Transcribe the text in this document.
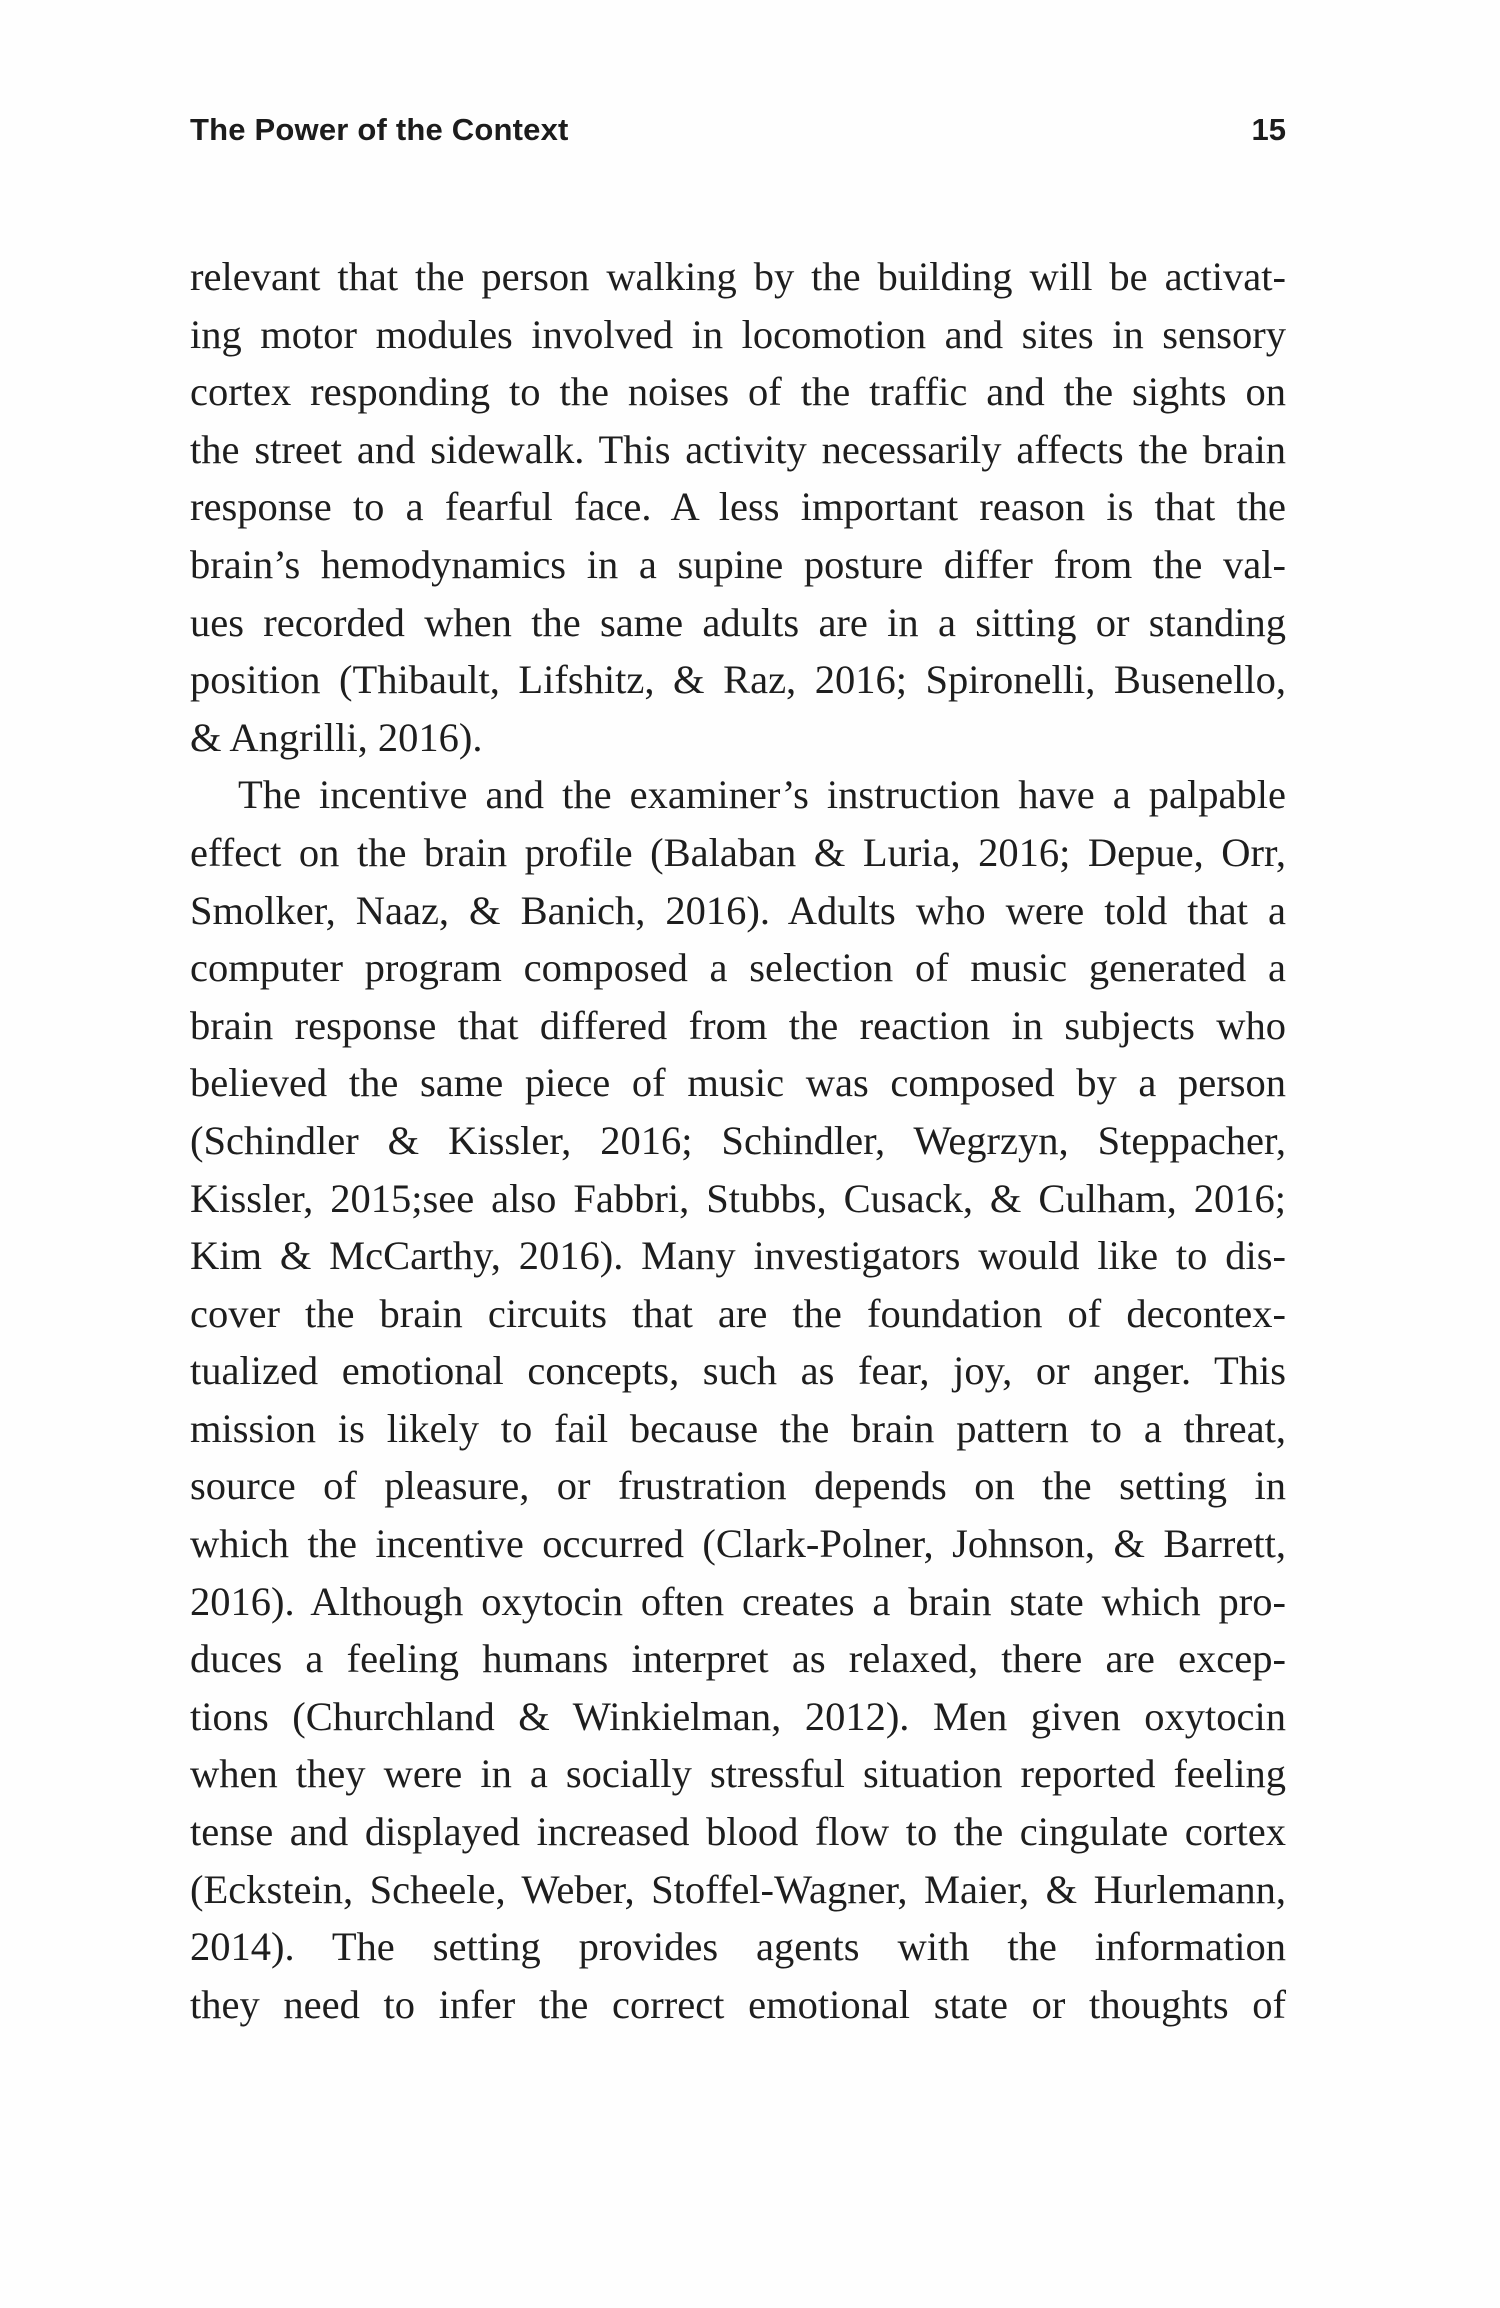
The Power of the Context	15
relevant that the person walking by the building will be activat-
ing motor modules involved in locomotion and sites in sensory
cortex responding to the noises of the traffic and the sights on
the street and sidewalk. This activity necessarily affects the brain
response to a fearful face. A less important reason is that the
brain’s hemodynamics in a supine posture differ from the val-
ues recorded when the same adults are in a sitting or standing
position (Thibault, Lifshitz, & Raz, 2016; Spironelli, Busenello,
& Angrilli, 2016).
The incentive and the examiner’s instruction have a palpable
effect on the brain profile (Balaban & Luria, 2016; Depue, Orr,
Smolker, Naaz, & Banich, 2016). Adults who were told that a
computer program composed a selection of music generated a
brain response that differed from the reaction in subjects who
believed the same piece of music was composed by a person
(Schindler & Kissler, 2016; Schindler, Wegrzyn, Steppacher,
Kissler, 2015;see also Fabbri, Stubbs, Cusack, & Culham, 2016;
Kim & McCarthy, 2016). Many investigators would like to dis-
cover the brain circuits that are the foundation of decontex-
tualized emotional concepts, such as fear, joy, or anger. This
mission is likely to fail because the brain pattern to a threat,
source of pleasure, or frustration depends on the setting in
which the incentive occurred (Clark-Polner, Johnson, & Barrett,
2016). Although oxytocin often creates a brain state which pro-
duces a feeling humans interpret as relaxed, there are excep-
tions (Churchland & Winkielman, 2012). Men given oxytocin
when they were in a socially stressful situation reported feeling
tense and displayed increased blood flow to the cingulate cortex
(Eckstein, Scheele, Weber, Stoffel-Wagner, Maier, & Hurlemann,
2014). The setting provides agents with the information
they need to infer the correct emotional state or thoughts of
